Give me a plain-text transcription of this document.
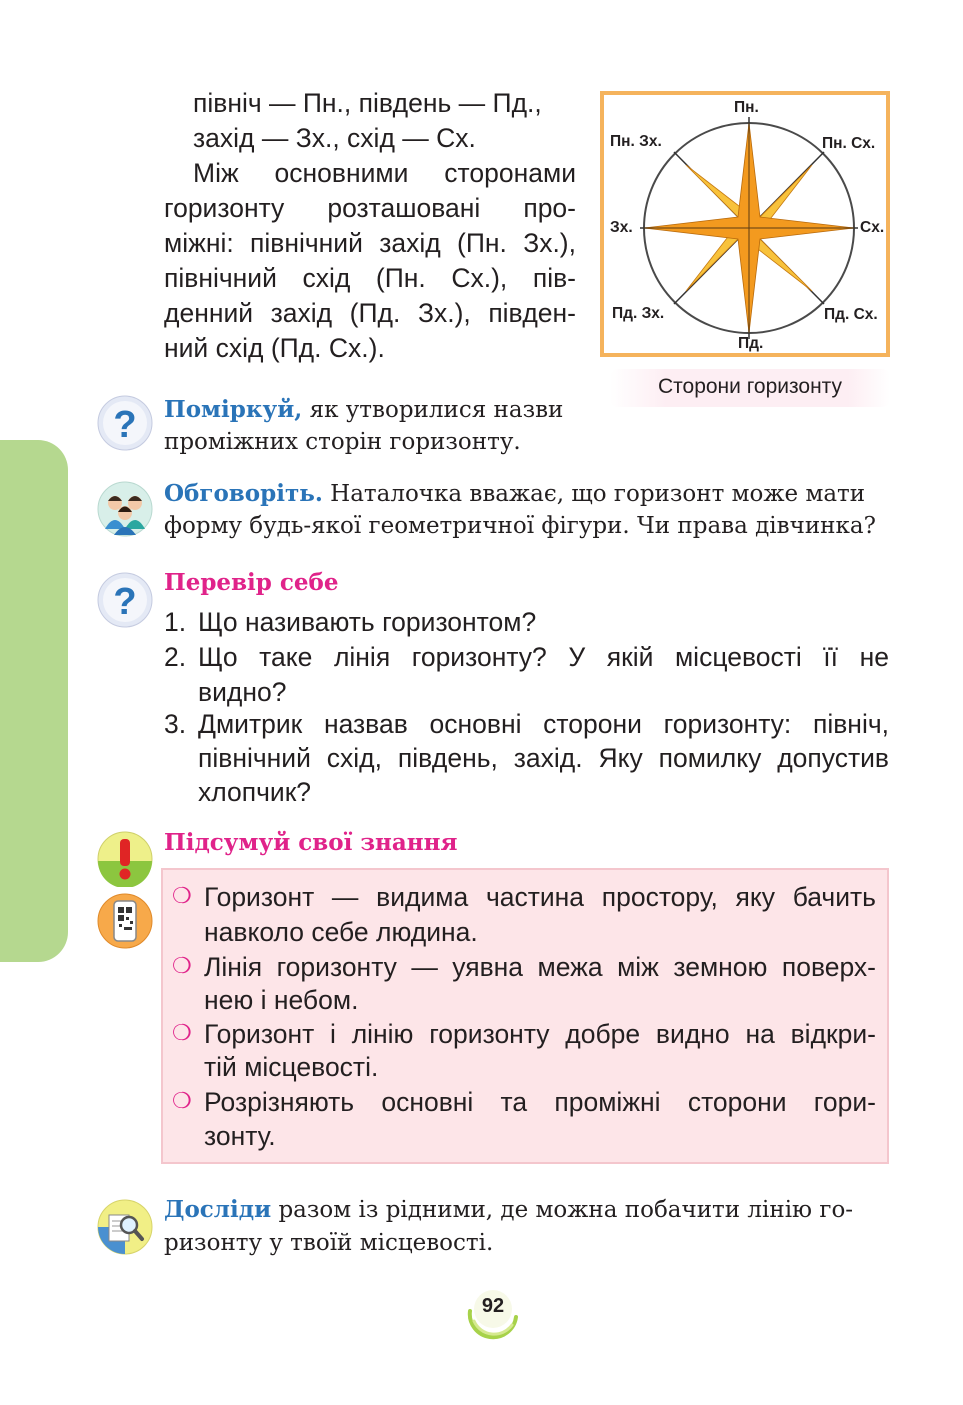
північ — Пн., південь — Пд.,
захід — Зх., схід — Сх.
Між основними сторонами
горизонту розташовані про-
міжні: північний захід (Пн. Зх.),
північний схід (Пн. Сх.), пів-
денний захід (Пд. Зх.), півден-
ний схід (Пд. Сх.).
Пн.
Пн. Зх.	Пн. Сх.
Зх.	Сх.
Пд. Зх.	Пд. Сх.
Пд.
Сторони горизонту
? Поміркуй, як утворилися назви
проміжних сторін горизонту.
Обговоріть. Наталочка вважає, що горизонт може мати
форму будь-якої геометричної фігури. Чи права дівчинка?
? Перевір себе
1. Що називають горизонтом?
2. Що таке лінія горизонту? У якій місцевості її не
видно?
3. Дмитрик назвав основні сторони горизонту: північ,
північний схід, південь, захід. Яку помилку допустив
хлопчик?
Підсумуй свої знання
❍ Горизонт — видима частина простору, яку бачить
навколо себе людина.
❍ Лінія горизонту — уявна межа між земною поверх-
нею і небом.
❍ Горизонт і лінію горизонту добре видно на відкри-
тій місцевості.
❍ Розрізняють основні та проміжні сторони гори-
зонту.
Досліди разом із рідними, де можна побачити лінію го-
ризонту у твоїй місцевості.
92
